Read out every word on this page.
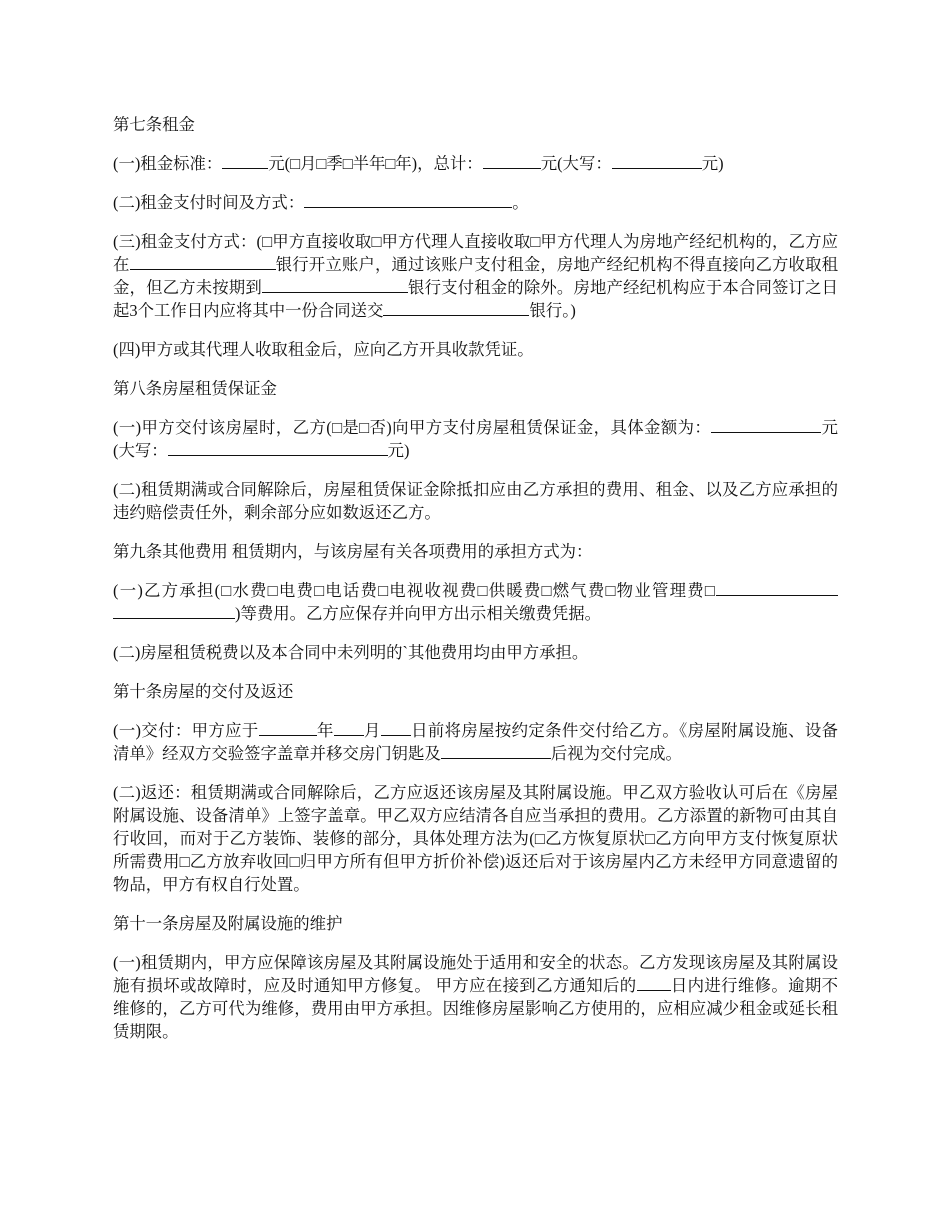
第七条租金

(一)租金标准：	元(□月□季□半年□年)，总计：	元(大写：	元)

(二)租金支付时间及方式：	。

(三)租金支付方式：(□甲方直接收取□甲方代理人直接收取□甲方代理人为房地产经纪机构的，乙方应在	银行开立账户，通过该账户支付租金，房地产经纪机构不得直接向乙方收取租金，但乙方未按期到	银行支付租金的除外。房地产经纪机构应于本合同签订之日起3个工作日内应将其中一份合同送交	银行。)

(四)甲方或其代理人收取租金后，应向乙方开具收款凭证。

第八条房屋租赁保证金

(一)甲方交付该房屋时，乙方(□是□否)向甲方支付房屋租赁保证金，具体金额为：	元(大写：	元)

(二)租赁期满或合同解除后，房屋租赁保证金除抵扣应由乙方承担的费用、租金、以及乙方应承担的违约赔偿责任外，剩余部分应如数返还乙方。

第九条其他费用 租赁期内，与该房屋有关各项费用的承担方式为：

(一)乙方承担(□水费□电费□电话费□电视收视费□供暖费□燃气费□物业管理费□)等费用。乙方应保存并向甲方出示相关缴费凭据。

(二)房屋租赁税费以及本合同中未列明的`其他费用均由甲方承担。

第十条房屋的交付及返还

(一)交付：甲方应于	年 月 日前将房屋按约定条件交付给乙方。《房屋附属设施、设备清单》经双方交验签字盖章并移交房门钥匙及	后视为交付完成。

(二)返还：租赁期满或合同解除后，乙方应返还该房屋及其附属设施。甲乙双方验收认可后在《房屋附属设施、设备清单》上签字盖章。甲乙双方应结清各自应当承担的费用。乙方添置的新物可由其自行收回，而对于乙方装饰、装修的部分，具体处理方法为(□乙方恢复原状□乙方向甲方支付恢复原状所需费用□乙方放弃收回□归甲方所有但甲方折价补偿)返还后对于该房屋内乙方未经甲方同意遗留的物品，甲方有权自行处置。

第十一条房屋及附属设施的维护

(一)租赁期内，甲方应保障该房屋及其附属设施处于适用和安全的状态。乙方发现该房屋及其附属设施有损坏或故障时，应及时通知甲方修复。 甲方应在接到乙方通知后的 日内进行维修。逾期不维修的，乙方可代为维修，费用由甲方承担。因维修房屋影响乙方使用的，应相应减少租金或延长租赁期限。
